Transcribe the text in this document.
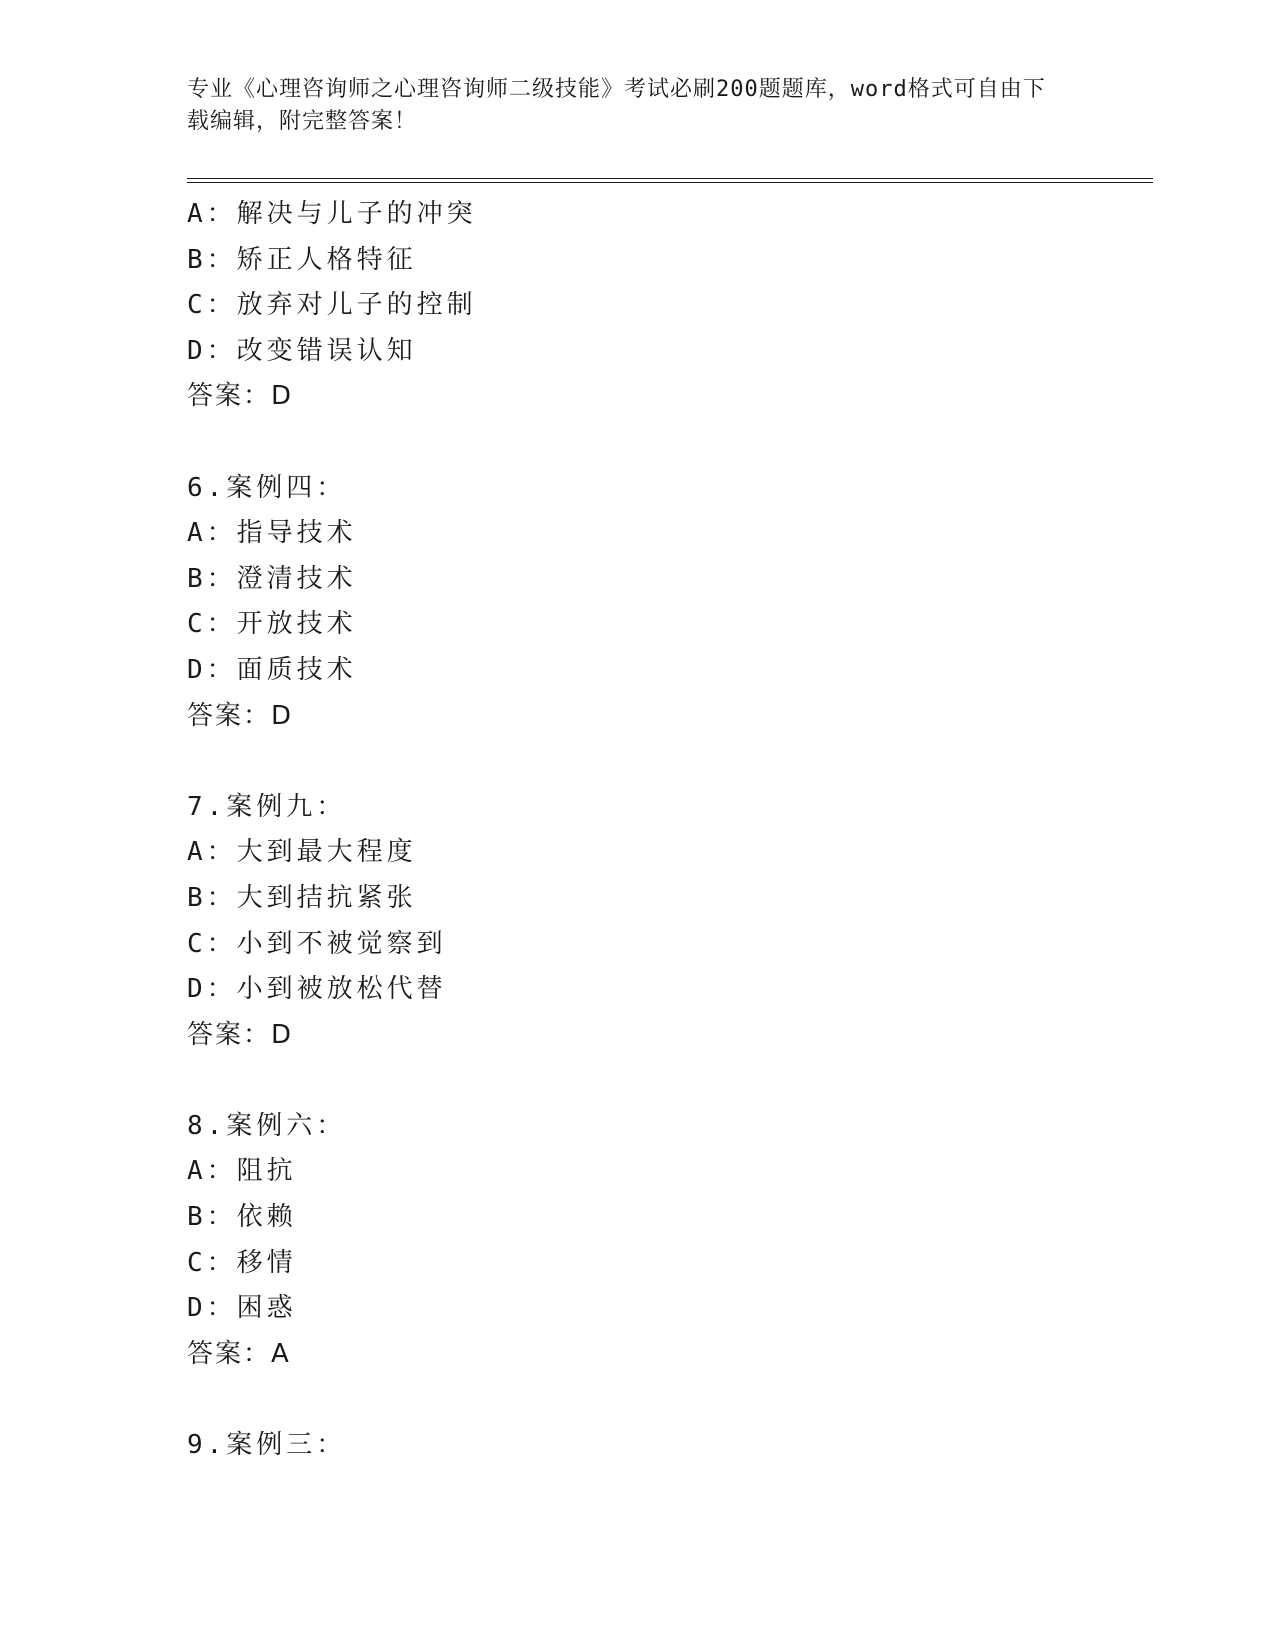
专业《心理咨询师之心理咨询师二级技能》考试必刷200题题库，word格式可自由下载编辑，附完整答案！
A：解决与儿子的冲突
B：矫正人格特征
C：放弃对儿子的控制
D：改变错误认知
答案：D
6.案例四：
A：指导技术
B：澄清技术
C：开放技术
D：面质技术
答案：D
7.案例九：
A：大到最大程度
B：大到拮抗紧张
C：小到不被觉察到
D：小到被放松代替
答案：D
8.案例六：
A：阻抗
B：依赖
C：移情
D：困惑
答案：A
9.案例三：
